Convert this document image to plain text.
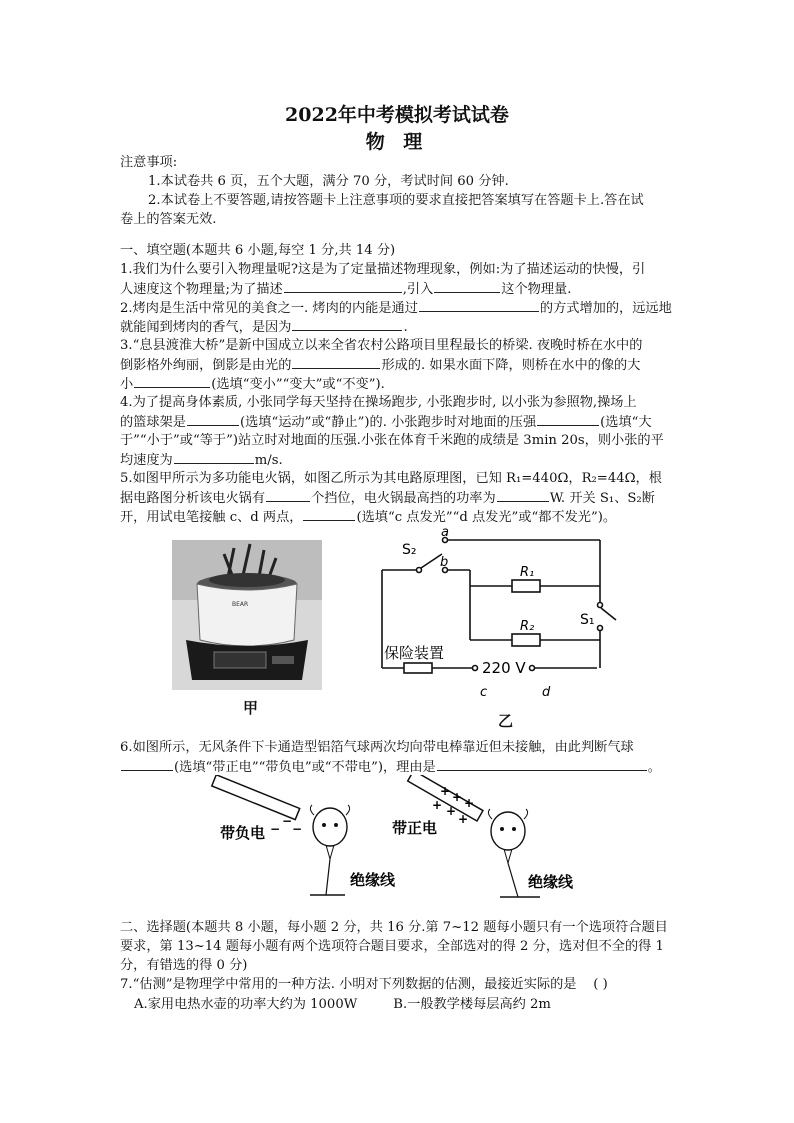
2022年中考模拟考试试卷
物 理
注意事项:
1.本试卷共 6 页，五个大题，满分 70 分，考试时间 60 分钟.
2.本试卷上不要答题,请按答题卡上注意事项的要求直接把答案填写在答题卡上.答在试
卷上的答案无效.
一、填空题(本题共 6 小题,每空 1 分,共 14 分)
1.我们为什么要引入物理量呢?这是为了定量描述物理现象，例如:为了描述运动的快慢，引
人速度这个物理量;为了描述	,引入	这个物理量.
2.烤肉是生活中常见的美食之一. 烤肉的内能是通过	的方式增加的，远远地
就能闻到烤肉的香气，是因为	.
3.“息县渡淮大桥”是新中国成立以来全省农村公路项目里程最长的桥梁. 夜晚时桥在水中的
倒影格外绚丽，倒影是由光的	形成的. 如果水面下降，则桥在水中的像的大
小	(选填“变小”“变大”或“不变”).
4.为了提高身体素质, 小张同学每天坚持在操场跑步, 小张跑步时, 以小张为参照物,操场上
的篮球架是	(选填“运动”或“静止”)的. 小张跑步时对地面的压强	(选填“大
于”“小于”或“等于”)站立时对地面的压强.小张在体育千米跑的成绩是 3min 20s，则小张的平
均速度为	m/s.
5.如图甲所示为多功能电火锅，如图乙所示为其电路原理图，已知 R₁=440Ω，R₂=44Ω，根
据电路图分析该电火锅有	个挡位，电火锅最高挡的功率为	W. 开关 S₁、S₂断
开，用试电笔接触 c、d 两点，	(选填“c 点发光”“d 点发光”或“都不发光”)。
BEAR
甲
S₂
a
b
R₁
R₂	S₁
保险装置
220 V
c	d
乙
6.如图所示，无风条件下卡通造型铝箔气球两次均向带电棒靠近但未接触，由此判断气球
(选填“带正电”“带负电”或“不带电”)，理由是	。
−
−
−
带负电
绝缘线
+ + +
+ +
+
带正电
绝缘线
二、选择题(本题共 8 小题，每小题 2 分，共 16 分.第 7~12 题每小题只有一个选项符合题目
要求，第 13~14 题每小题有两个选项符合题目要求，全部选对的得 2 分，选对但不全的得 1
分，有错选的得 0 分)
7.“估测”是物理学中常用的一种方法. 小明对下列数据的估测，最接近实际的是 ( )
A.家用电热水壶的功率大约为 1000W	B.一般教学楼每层高约 2m
